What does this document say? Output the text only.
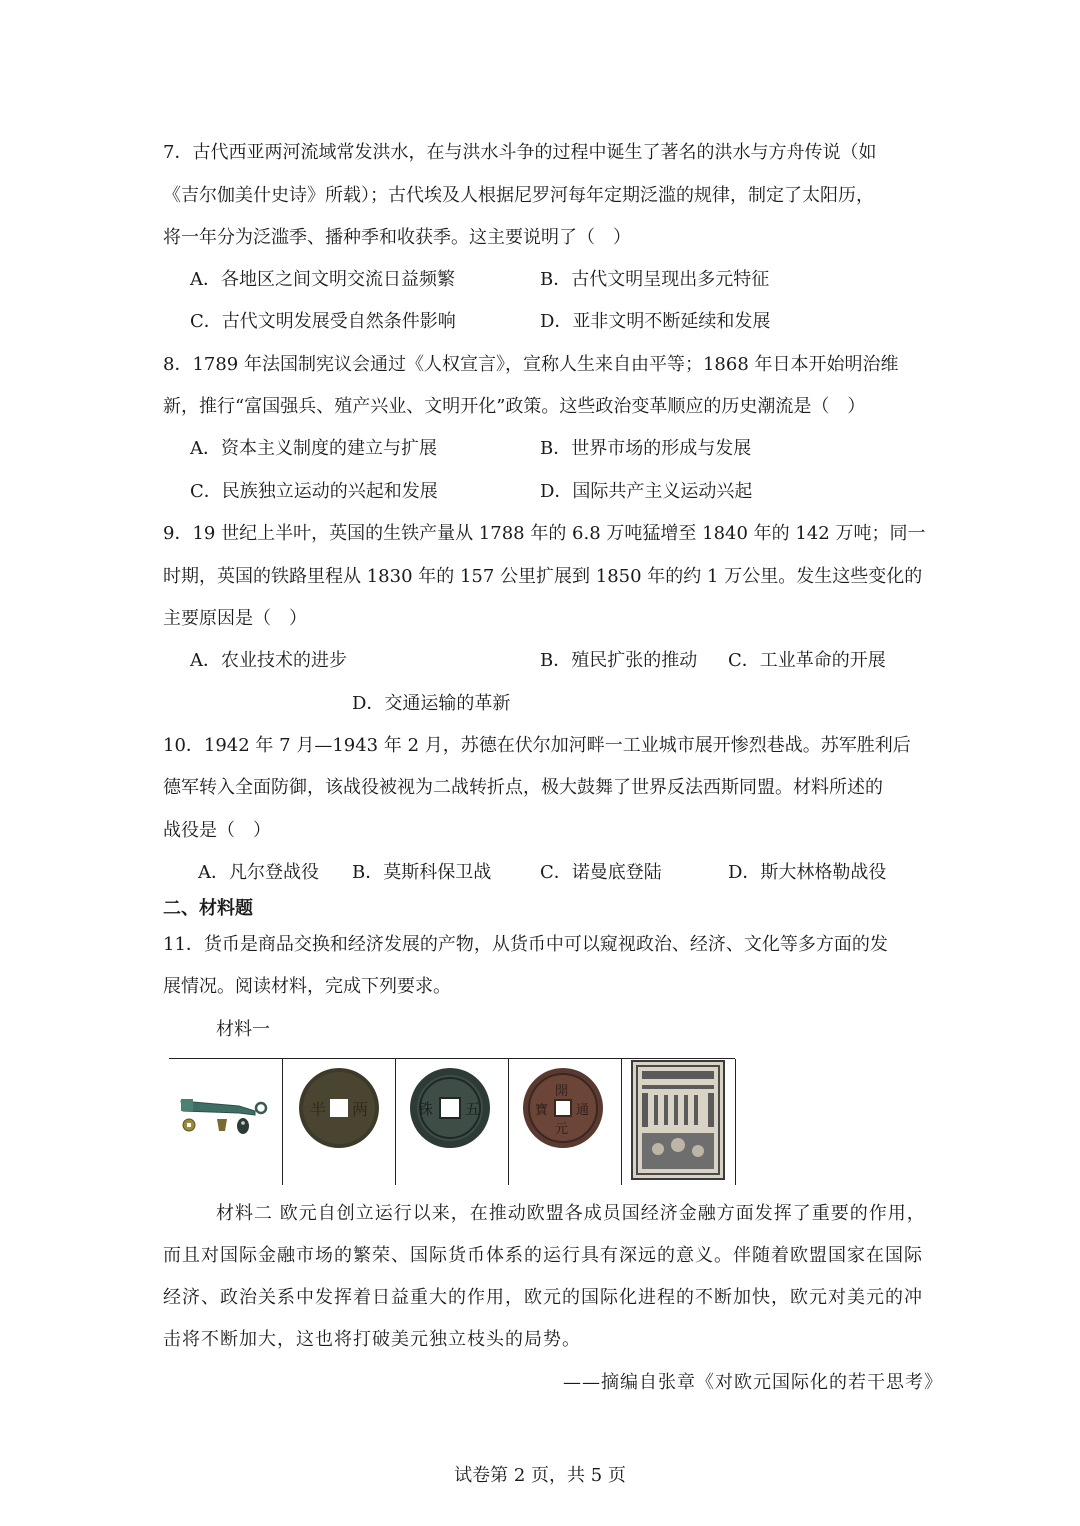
7．古代西亚两河流域常发洪水，在与洪水斗争的过程中诞生了著名的洪水与方舟传说（如
《吉尔伽美什史诗》所载）；古代埃及人根据尼罗河每年定期泛滥的规律，制定了太阳历，
将一年分为泛滥季、播种季和收获季。这主要说明了（　）
A．各地区之间文明交流日益频繁	B．古代文明呈现出多元特征
C．古代文明发展受自然条件影响	D．亚非文明不断延续和发展
8．1789 年法国制宪议会通过《人权宣言》，宣称人生来自由平等；1868 年日本开始明治维
新，推行“富国强兵、殖产兴业、文明开化”政策。这些政治变革顺应的历史潮流是（　）
A．资本主义制度的建立与扩展	B．世界市场的形成与发展
C．民族独立运动的兴起和发展	D．国际共产主义运动兴起
9．19 世纪上半叶，英国的生铁产量从 1788 年的 6.8 万吨猛增至 1840 年的 142 万吨；同一
时期，英国的铁路里程从 1830 年的 157 公里扩展到 1850 年的约 1 万公里。发生这些变化的
主要原因是（　）
A．农业技术的进步	B．殖民扩张的推动 C．工业革命的开展
D．交通运输的革新
10．1942 年 7 月—1943 年 2 月，苏德在伏尔加河畔一工业城市展开惨烈巷战。苏军胜利后
德军转入全面防御，该战役被视为二战转折点，极大鼓舞了世界反法西斯同盟。材料所述的
战役是（　）
A．凡尔登战役 B．莫斯科保卫战	C．诺曼底登陆	D．斯大林格勒战役
二、材料题
11．货币是商品交换和经济发展的产物，从货币中可以窥视政治、经济、文化等多方面的发
展情况。阅读材料，完成下列要求。
材料一
半 两	铢 五
開
元
寶 通
材料二 欧元自创立运行以来，在推动欧盟各成员国经济金融方面发挥了重要的作用，
而且对国际金融市场的繁荣、国际货币体系的运行具有深远的意义。伴随着欧盟国家在国际
经济、政治关系中发挥着日益重大的作用，欧元的国际化进程的不断加快，欧元对美元的冲
击将不断加大，这也将打破美元独立枝头的局势。
——摘编自张章《对欧元国际化的若干思考》
试卷第 2 页，共 5 页
